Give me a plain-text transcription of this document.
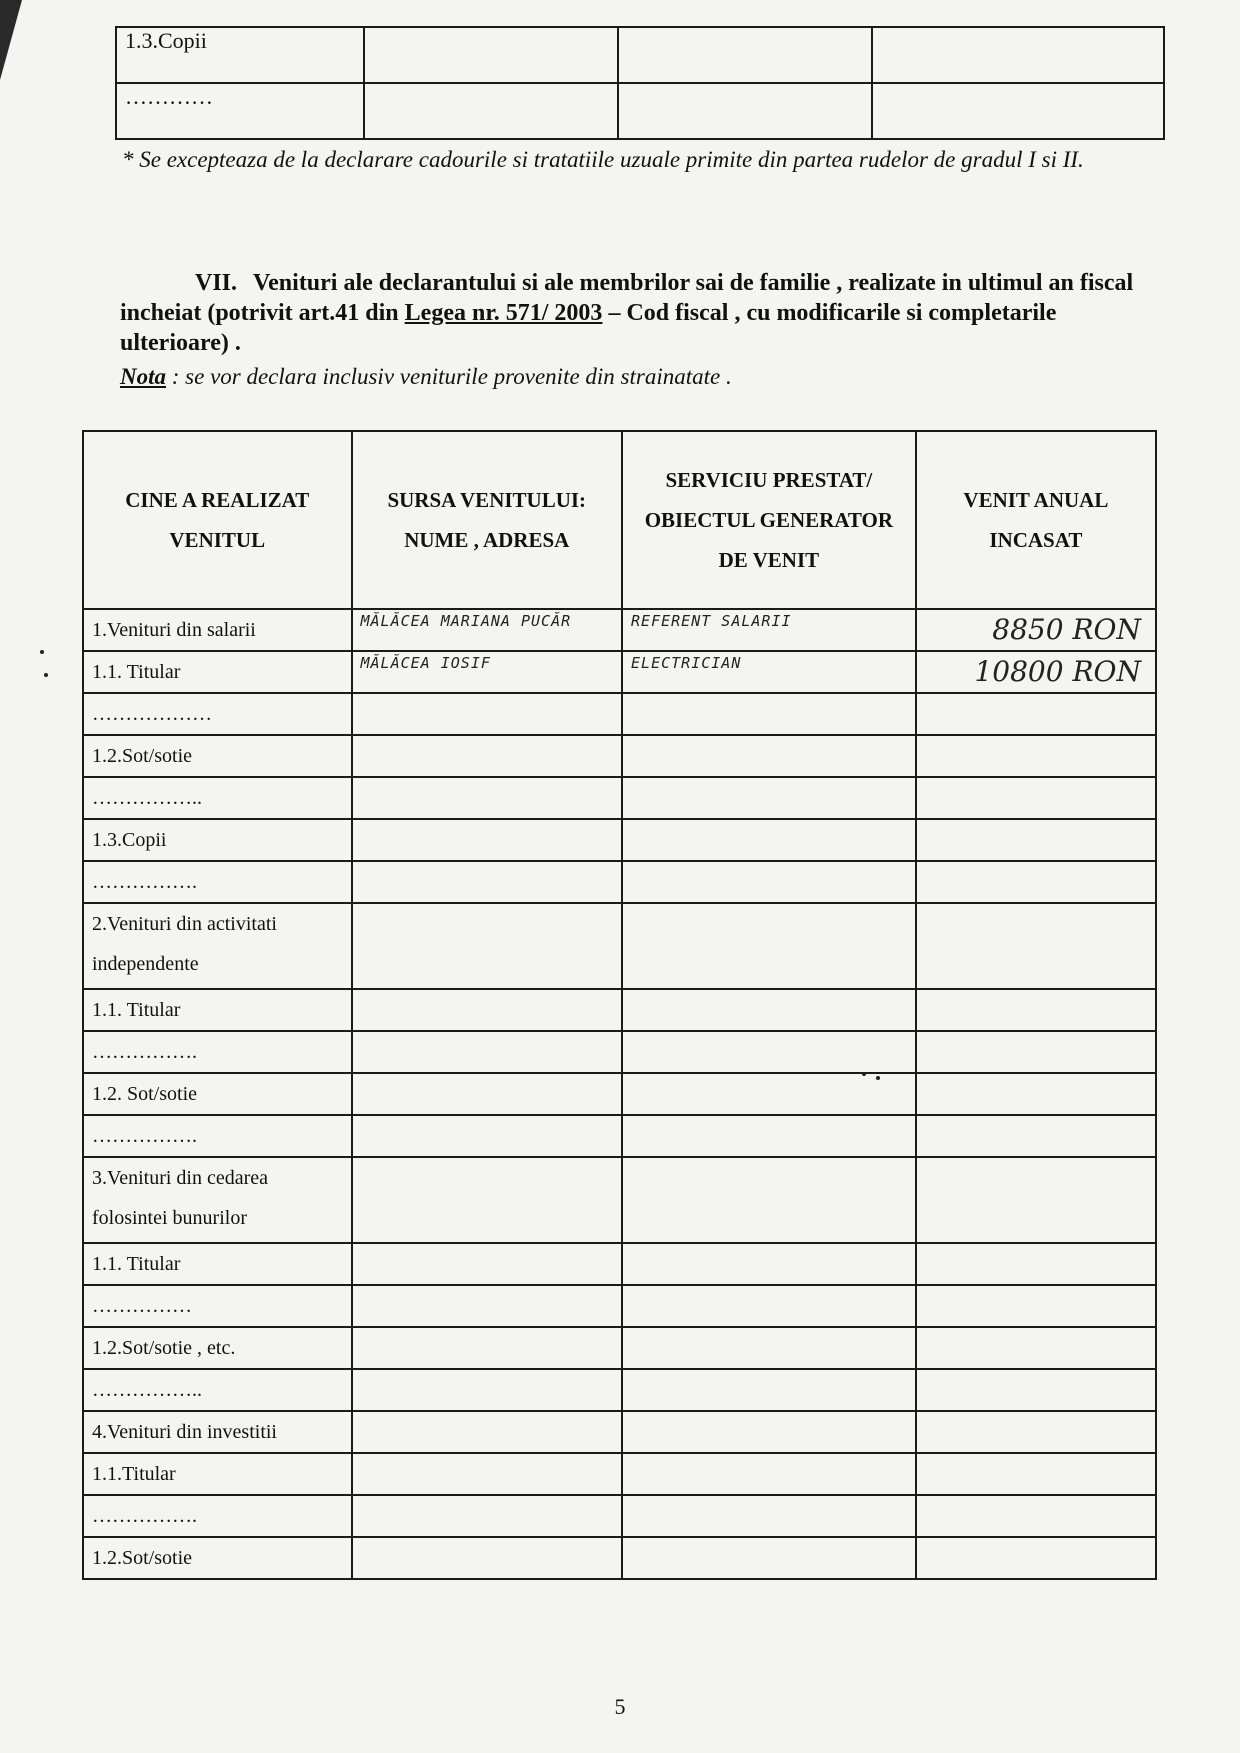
1.3.Copii			
…………			
* Se excepteaza de la declarare cadourile si tratatiile uzuale primite din partea rudelor de gradul I si II.
VII. Venituri ale declarantului si ale membrilor sai de familie , realizate in ultimul an fiscal incheiat (potrivit art.41 din Legea nr. 571/ 2003 – Cod fiscal , cu modificarile si completarile ulterioare) .
Nota : se vor declara inclusiv veniturile provenite din strainatate .
CINE A REALIZAT VENITUL	SURSA VENITULUI: NUME , ADRESA	SERVICIU PRESTAT/ OBIECTUL GENERATOR DE VENIT	VENIT ANUAL INCASAT
1.Venituri din salarii	MĂLĂCEA MARIANA PUCĂR	REFERENT SALARII	8850 RON

1.1. Titular	MĂLĂCEA IOSIF	ELECTRICIAN	10800 RON

………………	

1.2.Sot/sotie	

……………..	

1.3.Copii	

…………….	

2.Venituri din activitati independente	

1.1. Titular	

…………….	

1.2. Sot/sotie	

…………….	

3.Venituri din cedarea folosintei bunurilor	

1.1. Titular	

……………	

1.2.Sot/sotie , etc.	

……………..	

4.Venituri din investitii	

1.1.Titular	

…………….	

1.2.Sot/sotie	

5
